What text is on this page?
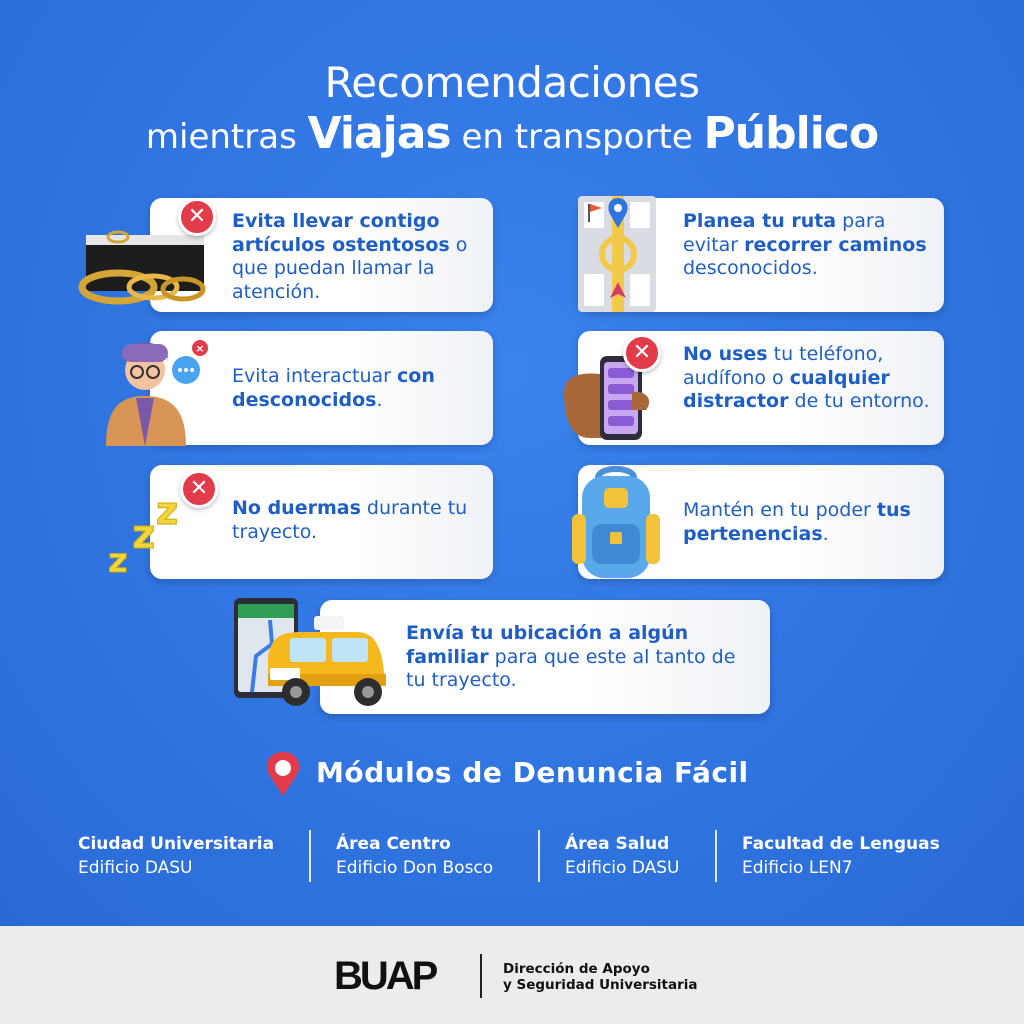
Recomendaciones
mientras Viajas en transporte Público
Evita llevar contigo artículos ostentosos o que puedan llamar la atención.
✕	Planea tu ruta para evitar recorrer caminos desconocidos.
Evita interactuar con desconocidos.
×	No uses tu teléfono, audífono o cualquier distractor de tu entorno.
✕
No duermas durante tu trayecto.
z
z
z
✕
Mantén en tu poder tus pertenencias.
Envía tu ubicación a algún familiar para que este al tanto de tu trayecto.
Módulos de Denuncia Fácil
Ciudad Universitaria
Edificio DASU
Área Centro
Edificio Don Bosco
Área Salud
Edificio DASU
Facultad de Lenguas
Edificio LEN7
BUAP	Dirección de Apoyo
y Seguridad Universitaria
